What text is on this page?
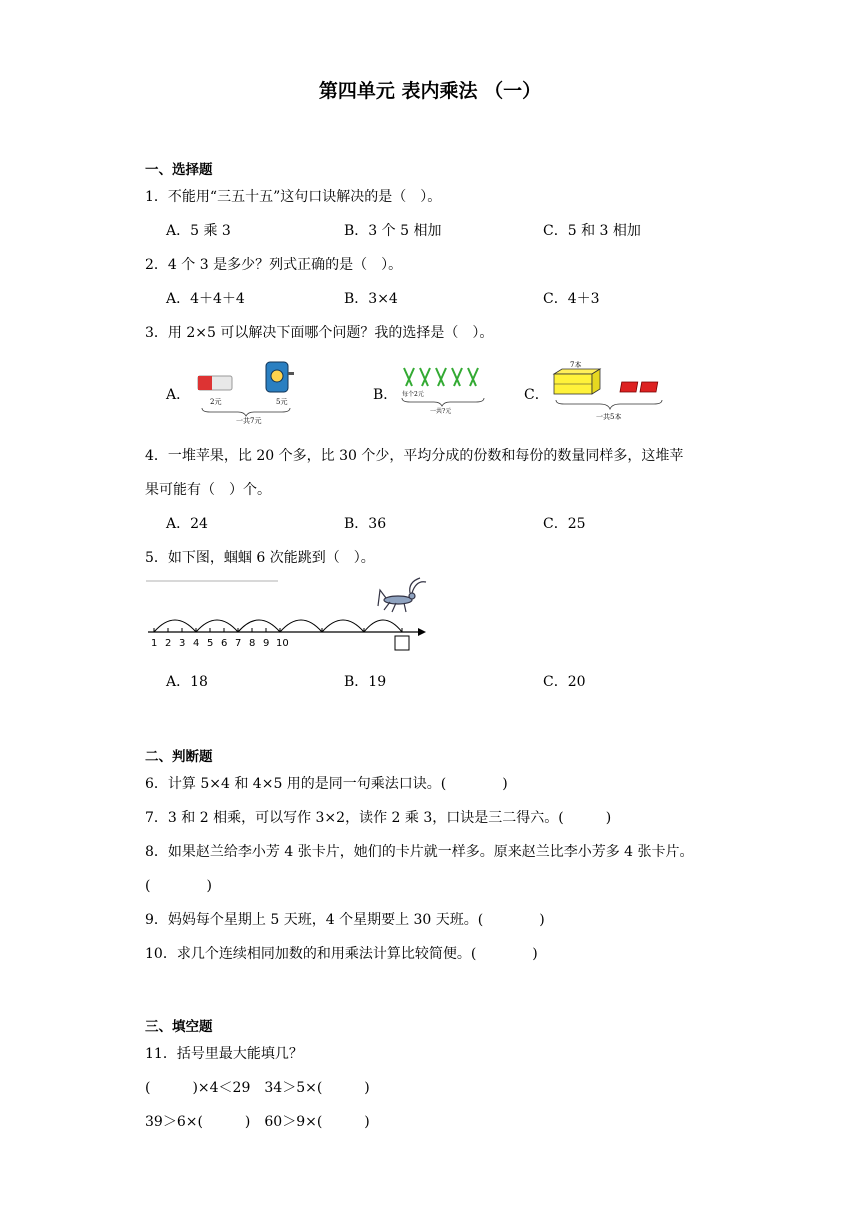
第四单元 表内乘法 （一）
一、选择题
1．不能用“三五十五”这句口诀解决的是（　）。
A．5 乘 3	B．3 个 5 相加	C．5 和 3 相加
2．4 个 3 是多少？列式正确的是（　）。
A．4＋4＋4	B．3×4	C．4＋3
3．用 2×5 可以解决下面哪个问题？我的选择是（　）。
A．	B．	C．
2元	5元
一共7元
每个2元
一共?元
7本
一共5本
4．一堆苹果，比 20 个多，比 30 个少，平均分成的份数和每份的数量同样多，这堆苹
果可能有（　）个。
A．24	B．36	C．25
5．如下图，蝈蝈 6 次能跳到（　）。
1 2 3 4 5 6 7 8 9 10
A．18	B．19	C．20
二、判断题
6．计算 5×4 和 4×5 用的是同一句乘法口诀。(　　　　)
7．3 和 2 相乘，可以写作 3×2，读作 2 乘 3，口诀是三二得六。(　　　)
8．如果赵兰给李小芳 4 张卡片，她们的卡片就一样多。原来赵兰比李小芳多 4 张卡片。
(　　　　)
9．妈妈每个星期上 5 天班，4 个星期要上 30 天班。(　　　　)
10．求几个连续相同加数的和用乘法计算比较简便。(　　　　)
三、填空题
11．括号里最大能填几？
(　　　)×4＜29　34＞5×(　　　)
39＞6×(　　　)　60＞9×(　　　)
